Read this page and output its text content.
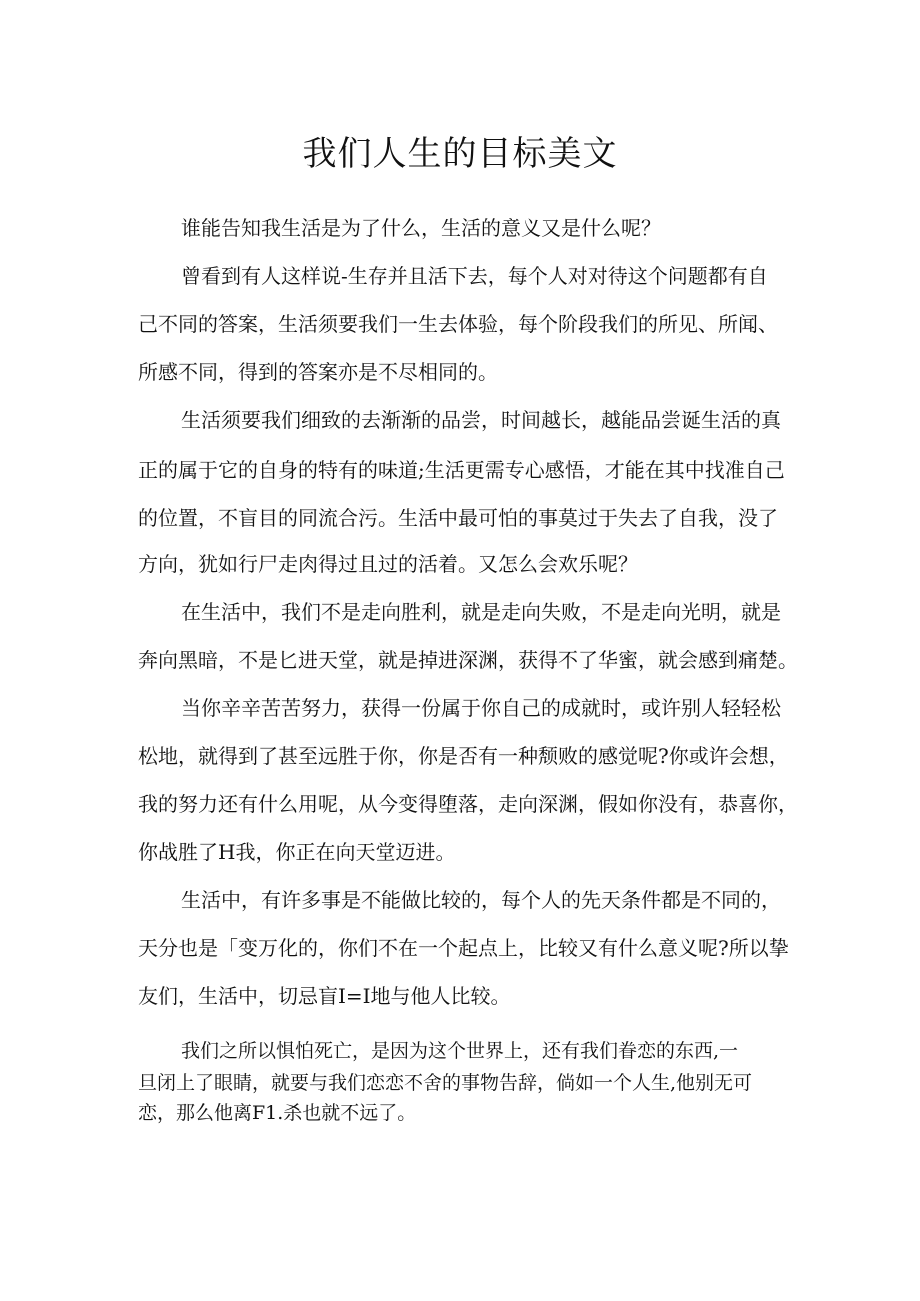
我们人生的目标美文
谁能告知我生活是为了什么，生活的意义又是什么呢？
曾看到有人这样说-生存并且活下去，每个人对对待这个问题都有自
己不同的答案，生活须要我们一生去体验，每个阶段我们的所见、所闻、
所感不同，得到的答案亦是不尽相同的。
生活须要我们细致的去渐渐的品尝，时间越长，越能品尝诞生活的真
正的属于它的自身的特有的味道;生活更需专心感悟，才能在其中找准自己
的位置，不盲目的同流合污。生活中最可怕的事莫过于失去了自我，没了
方向，犹如行尸走肉得过且过的活着。又怎么会欢乐呢？
在生活中，我们不是走向胜利，就是走向失败，不是走向光明，就是
奔向黑暗，不是匕进天堂，就是掉进深渊，获得不了华蜜，就会感到痛楚。
当你辛辛苦苦努力，获得一份属于你自己的成就时，或许别人轻轻松
松地，就得到了甚至远胜于你，你是否有一种颓败的感觉呢?你或许会想，
我的努力还有什么用呢，从今变得堕落，走向深渊，假如你没有，恭喜你，
你战胜了H我，你正在向天堂迈进。
生活中，有许多事是不能做比较的，每个人的先天条件都是不同的，
天分也是「变万化的，你们不在一个起点上，比较又有什么意义呢?所以挚
友们，生活中，切忌盲I=I地与他人比较。
我们之所以惧怕死亡，是因为这个世界上，还有我们眷恋的东西,一
旦闭上了眼睛，就要与我们恋恋不舍的事物告辞，倘如一个人生,他别无可
恋，那么他离F1.杀也就不远了。
